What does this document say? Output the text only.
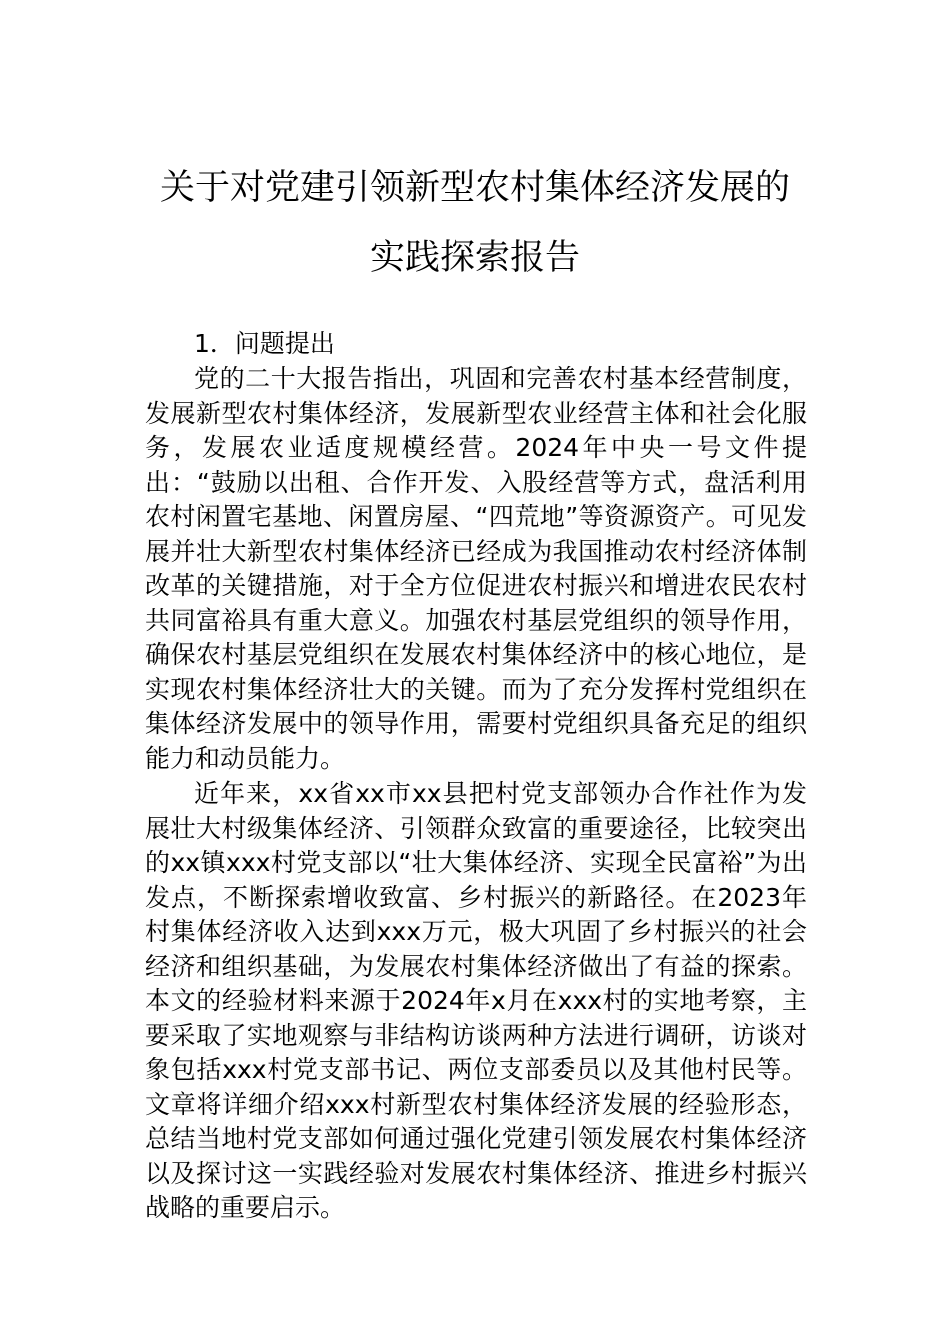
关于对党建引领新型农村集体经济发展的
实践探索报告
1．问题提出

党的二十大报告指出，巩固和完善农村基本经营制度，发展新型农村集体经济，发展新型农业经营主体和社会化服务，发展农业适度规模经营。2024年中央一号文件提出：“鼓励以出租、合作开发、入股经营等方式，盘活利用农村闲置宅基地、闲置房屋、“四荒地”等资源资产。可见发展并壮大新型农村集体经济已经成为我国推动农村经济体制改革的关键措施，对于全方位促进农村振兴和增进农民农村共同富裕具有重大意义。加强农村基层党组织的领导作用，确保农村基层党组织在发展农村集体经济中的核心地位，是实现农村集体经济壮大的关键。而为了充分发挥村党组织在集体经济发展中的领导作用，需要村党组织具备充足的组织能力和动员能力。

近年来，xx省xx市xx县把村党支部领办合作社作为发展壮大村级集体经济、引领群众致富的重要途径，比较突出的xx镇xxx村党支部以“壮大集体经济、实现全民富裕”为出发点，不断探索增收致富、乡村振兴的新路径。在2023年村集体经济收入达到xxx万元，极大巩固了乡村振兴的社会经济和组织基础，为发展农村集体经济做出了有益的探索。本文的经验材料来源于2024年x月在xxx村的实地考察，主要采取了实地观察与非结构访谈两种方法进行调研，访谈对象包括xxx村党支部书记、两位支部委员以及其他村民等。文章将详细介绍xxx村新型农村集体经济发展的经验形态，总结当地村党支部如何通过强化党建引领发展农村集体经济以及探讨这一实践经验对发展农村集体经济、推进乡村振兴战略的重要启示。
